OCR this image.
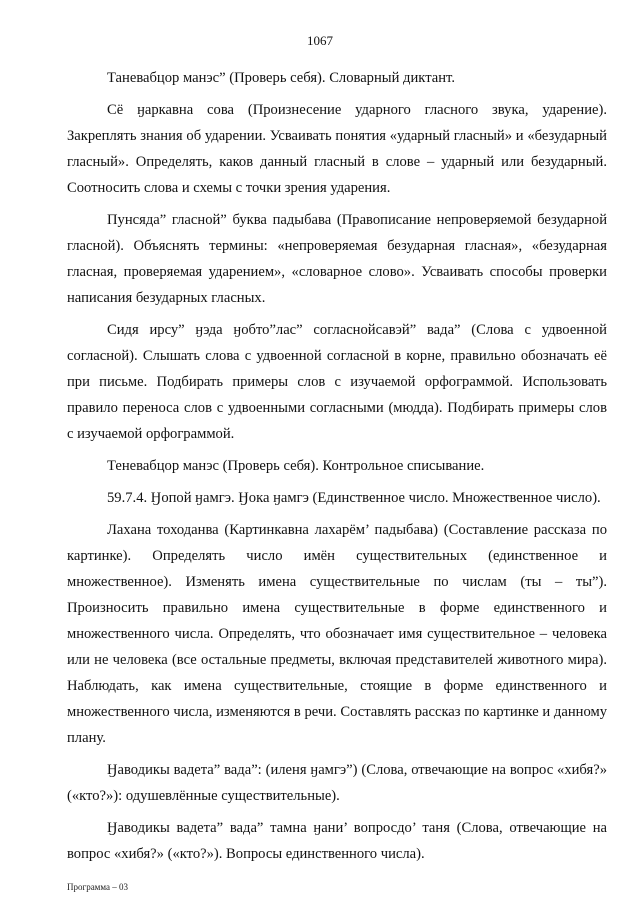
1067

Таневабцор манэс” (Проверь себя). Словарный диктант.

Сё ӈаркавна сова (Произнесение ударного гласного звука, ударение). Закреплять знания об ударении. Усваивать понятия «ударный гласный» и «безударный гласный». Определять, каков данный гласный в слове – ударный или безударный. Соотносить слова и схемы с точки зрения ударения.

Пунсяда” гласной” буква падыбава (Правописание непроверяемой безударной гласной). Объяснять термины: «непроверяемая безударная гласная», «безударная гласная, проверяемая ударением», «словарное слово». Усваивать способы проверки написания безударных гласных.

Сидя ирсу” ӈэда ӈобто”лас” согласнойсавэй” вада” (Слова с удвоенной согласной). Слышать слова с удвоенной согласной в корне, правильно обозначать её при письме. Подбирать примеры слов с изучаемой орфограммой. Использовать правило переноса слов с удвоенными согласными (мюдда). Подбирать примеры слов с изучаемой орфограммой.

Теневабцор манэс (Проверь себя). Контрольное списывание.

59.7.4. Ӈопой ӈамгэ. Ӈока ӈамгэ (Единственное число. Множественное число).

Лахана тоходанва (Картинкавна лахарём’ падыбава) (Составление рассказа по картинке). Определять число имён существительных (единственное и множественное). Изменять имена существительные по числам (ты – ты”). Произносить правильно имена существительные в форме единственного и множественного числа. Определять, что обозначает имя существительное – человека или не человека (все остальные предметы, включая представителей животного мира). Наблюдать, как имена существительные, стоящие в форме единственного и множественного числа, изменяются в речи. Составлять рассказ по картинке и данному плану.

Ӈаводикы вадета” вада”: (иленя ӈамгэ”) (Слова, отвечающие на вопрос «хибя?» («кто?»): одушевлённые существительные).

Ӈаводикы вадета” вада” тамна ӈани’ вопросдо’ таня (Слова, отвечающие на вопрос «хибя?» («кто?»). Вопросы единственного числа).

Программа – 03
